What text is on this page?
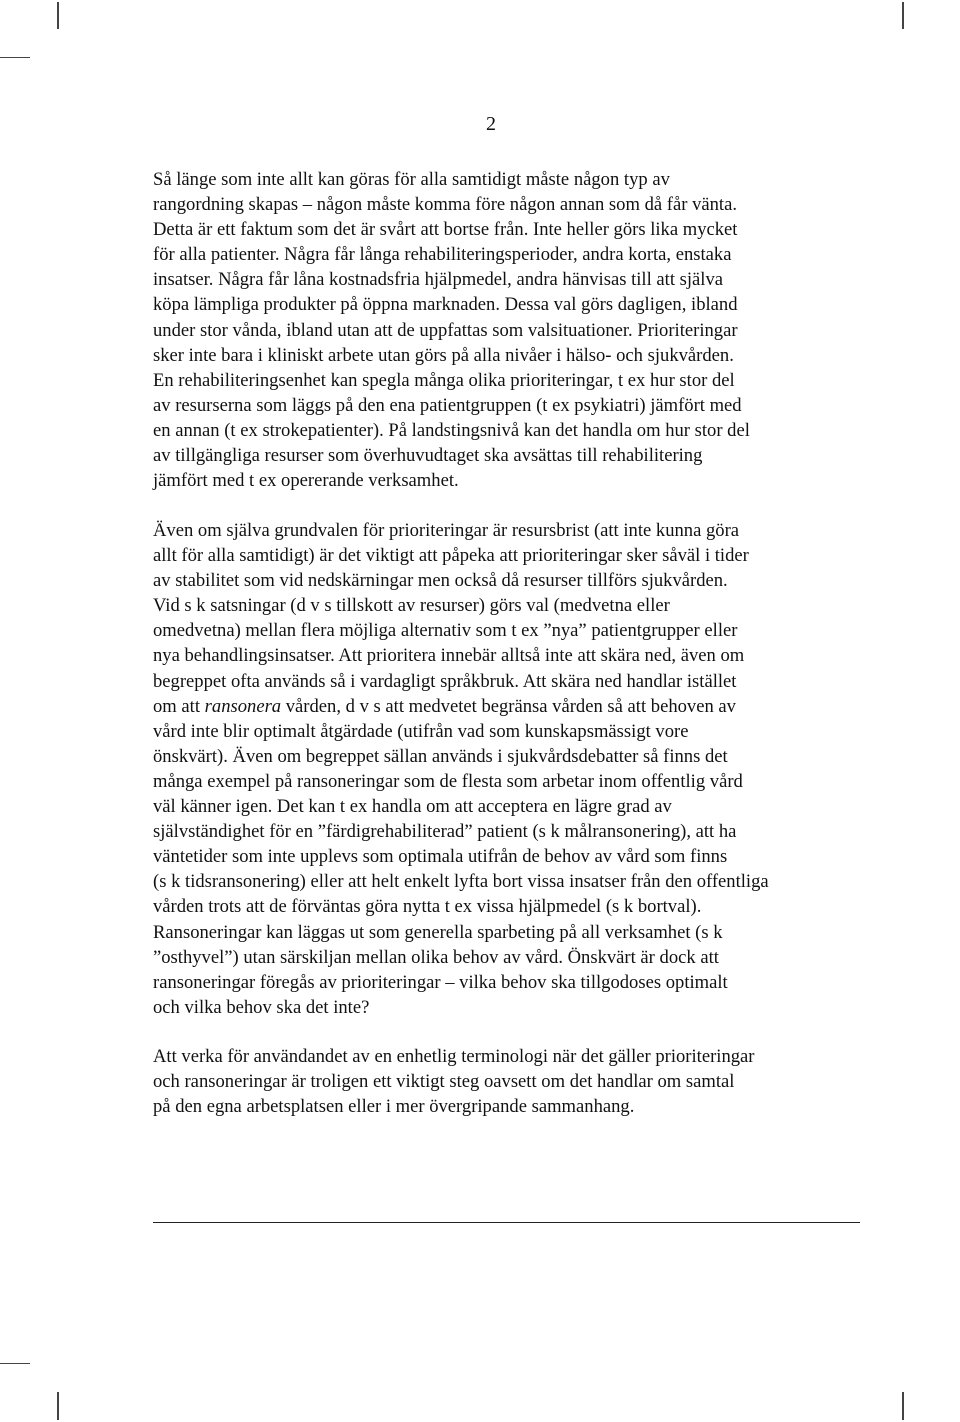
2

Så länge som inte allt kan göras för alla samtidigt måste någon typ av
rangordning skapas – någon måste komma före någon annan som då får vänta.
Detta är ett faktum som det är svårt att bortse från. Inte heller görs lika mycket
för alla patienter. Några får långa rehabiliteringsperioder, andra korta, enstaka
insatser. Några får låna kostnadsfria hjälpmedel, andra hänvisas till att själva
köpa lämpliga produkter på öppna marknaden. Dessa val görs dagligen, ibland
under stor vånda, ibland utan att de uppfattas som valsituationer. Prioriteringar
sker inte bara i kliniskt arbete utan görs på alla nivåer i hälso- och sjukvården.
En rehabiliteringsenhet kan spegla många olika prioriteringar, t ex hur stor del
av resurserna som läggs på den ena patientgruppen (t ex psykiatri) jämfört med
en annan (t ex strokepatienter). På landstingsnivå kan det handla om hur stor del
av tillgängliga resurser som överhuvudtaget ska avsättas till rehabilitering
jämfört med t ex opererande verksamhet.

Även om själva grundvalen för prioriteringar är resursbrist (att inte kunna göra
allt för alla samtidigt) är det viktigt att påpeka att prioriteringar sker såväl i tider
av stabilitet som vid nedskärningar men också då resurser tillförs sjukvården.
Vid s k satsningar (d v s tillskott av resurser) görs val (medvetna eller
omedvetna) mellan flera möjliga alternativ som t ex ”nya” patientgrupper eller
nya behandlingsinsatser. Att prioritera innebär alltså inte att skära ned, även om
begreppet ofta används så i vardagligt språkbruk. Att skära ned handlar istället
om att ransonera vården, d v s att medvetet begränsa vården så att behoven av
vård inte blir optimalt åtgärdade (utifrån vad som kunskapsmässigt vore
önskvärt). Även om begreppet sällan används i sjukvårdsdebatter så finns det
många exempel på ransoneringar som de flesta som arbetar inom offentlig vård
väl känner igen. Det kan t ex handla om att acceptera en lägre grad av
självständighet för en ”färdigrehabiliterad” patient (s k målransonering), att ha
väntetider som inte upplevs som optimala utifrån de behov av vård som finns
(s k tidsransonering) eller att helt enkelt lyfta bort vissa insatser från den offentliga
vården trots att de förväntas göra nytta t ex vissa hjälpmedel (s k bortval).
Ransoneringar kan läggas ut som generella sparbeting på all verksamhet (s k
”osthyvel”) utan särskiljan mellan olika behov av vård. Önskvärt är dock att
ransoneringar föregås av prioriteringar – vilka behov ska tillgodoses optimalt
och vilka behov ska det inte?

Att verka för användandet av en enhetlig terminologi när det gäller prioriteringar
och ransoneringar är troligen ett viktigt steg oavsett om det handlar om samtal
på den egna arbetsplatsen eller i mer övergripande sammanhang.
